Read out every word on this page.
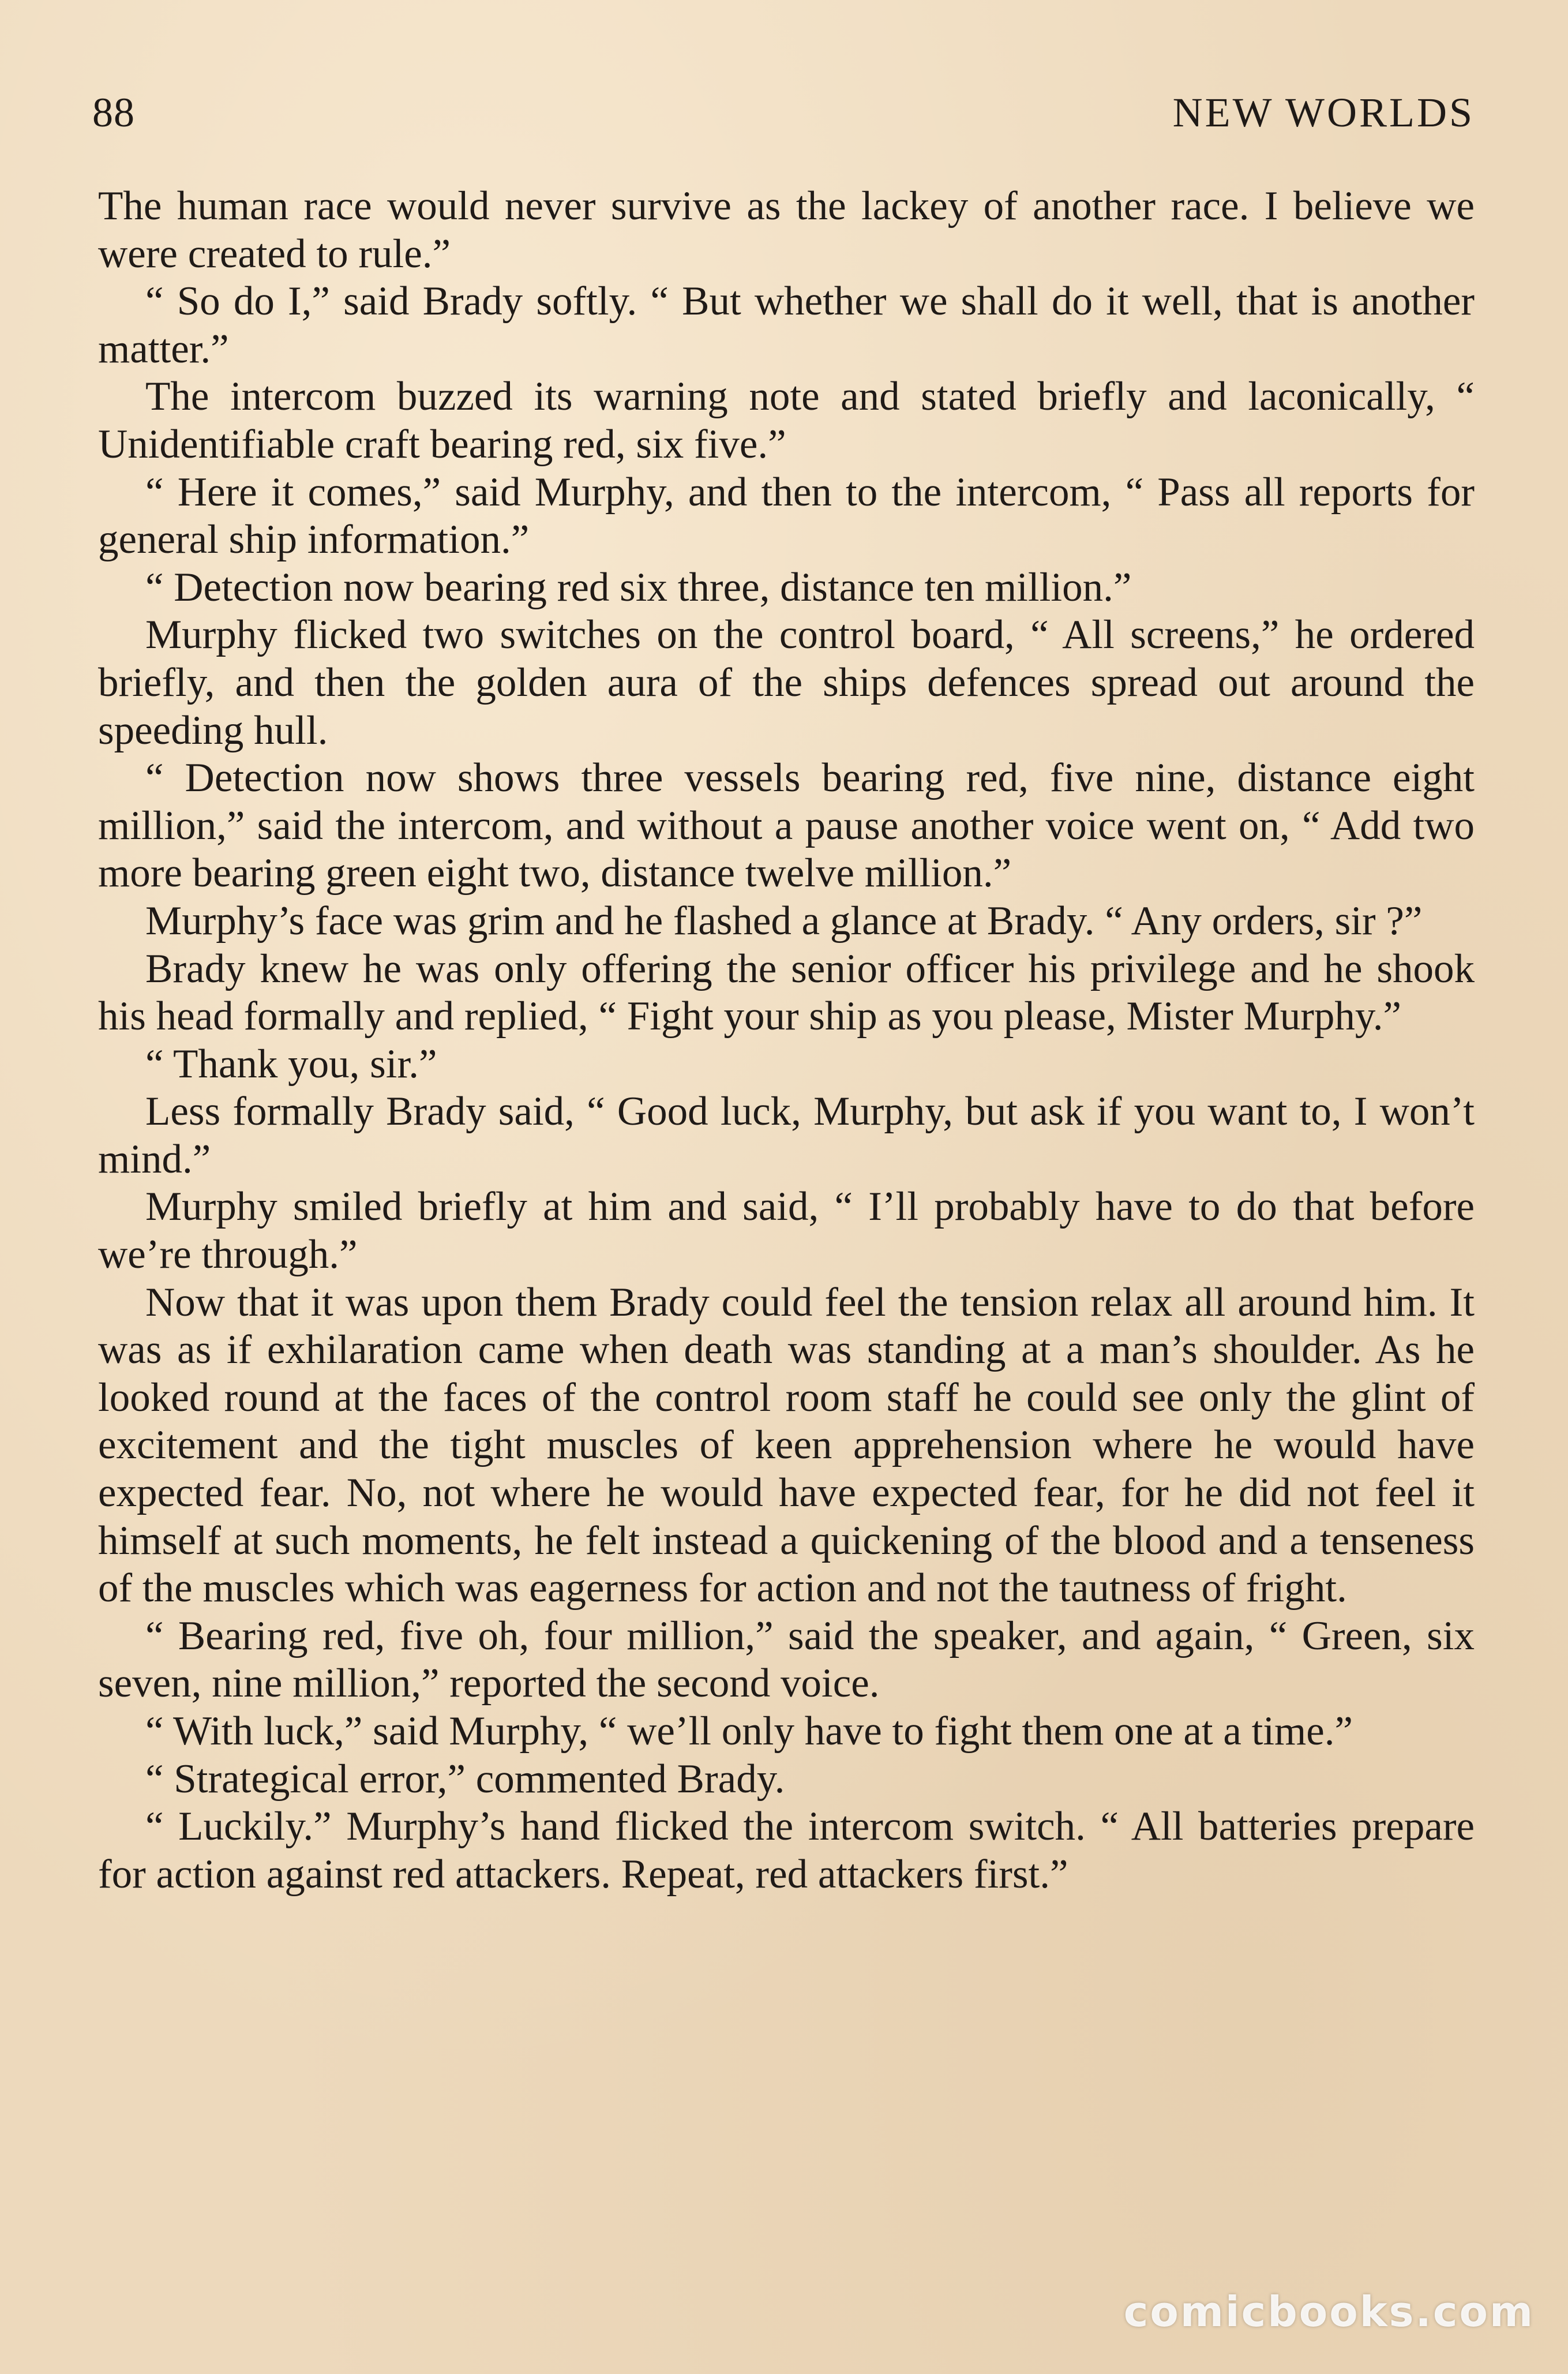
88	NEW WORLDS

The human race would never survive as the lackey of another race. I believe we were created to rule.”

“ So do I,” said Brady softly. “ But whether we shall do it well, that is another matter.”

The intercom buzzed its warning note and stated briefly and laconically, “ Unidentifiable craft bearing red, six five.”

“ Here it comes,” said Murphy, and then to the intercom, “ Pass all reports for general ship information.”

“ Detection now bearing red six three, distance ten million.”

Murphy flicked two switches on the control board, “ All screens,” he ordered briefly, and then the golden aura of the ships defences spread out around the speeding hull.

“ Detection now shows three vessels bearing red, five nine, distance eight million,” said the intercom, and without a pause another voice went on, “ Add two more bearing green eight two, distance twelve million.”

Murphy’s face was grim and he flashed a glance at Brady. “ Any orders, sir ?”

Brady knew he was only offering the senior officer his privilege and he shook his head formally and replied, “ Fight your ship as you please, Mister Murphy.”

“ Thank you, sir.”

Less formally Brady said, “ Good luck, Murphy, but ask if you want to, I won’t mind.”

Murphy smiled briefly at him and said, “ I’ll probably have to do that before we’re through.”

Now that it was upon them Brady could feel the tension relax all around him. It was as if exhilaration came when death was standing at a man’s shoulder. As he looked round at the faces of the control room staff he could see only the glint of excitement and the tight muscles of keen apprehension where he would have expected fear. No, not where he would have expected fear, for he did not feel it himself at such moments, he felt instead a quickening of the blood and a tenseness of the muscles which was eagerness for action and not the tautness of fright.

“ Bearing red, five oh, four million,” said the speaker, and again, “ Green, six seven, nine million,” reported the second voice.

“ With luck,” said Murphy, “ we’ll only have to fight them one at a time.”

“ Strategical error,” commented Brady.

“ Luckily.” Murphy’s hand flicked the intercom switch. “ All batteries prepare for action against red attackers. Repeat, red attackers first.”

comicbooks.com
